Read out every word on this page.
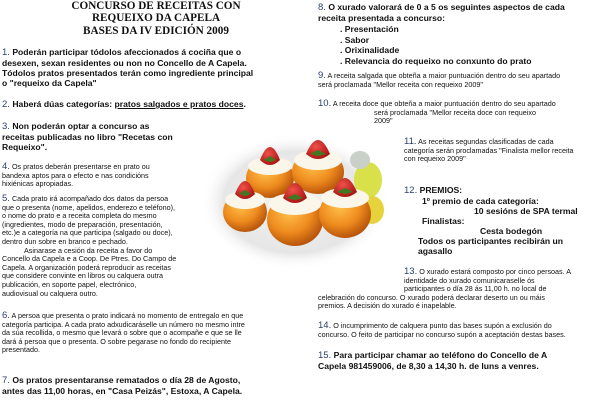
CONCURSO DE RECEITAS CON
REQUEIXO DA CAPELA
BASES DA IV EDICIÓN 2009
1. Poderán participar tódolos afeccionados á cociña que o
desexen, sexan residentes ou non no Concello de A Capela.
Tódolos pratos presentados terán como ingrediente principal
o "requeixo da Capela"
2. Haberá dúas categorías: pratos salgados e pratos doces.
3. Non poderán optar a concurso as
receitas publicadas no libro "Recetas con
Requeixo".
4. Os pratos deberán presentarse en prato ou
bandexa aptos para o efecto e nas condicións
hixiénicas apropiadas.
5. Cada prato irá acompañado dos datos da persoa
que o presenta (nome, apelidos, enderezo e teléfono),
o nome do prato e a receita completa do mesmo
(ingredientes, modo de preparación, presentación,
etc.)e a categoría na que participa (salgado ou doce),
dentro dun sobre en branco e pechado.
Asinarase a cesión da receita a favor do
Concello da Capela e a Coop. De Ptres. Do Campo de
Capela. A organización poderá reproducir as receitas
que considere convinte en libros ou calquera outra
publicación, en soporte papel, electrónico,
audiovisual ou calquera outro.
6. A persoa que presenta o prato indicará no momento de entregalo en que
categoría participa. A cada prato adxudicaráselle un número no mesmo intre
da súa recollida, o mesmo que levará o sobre que o acompañe e que se lle
dará á persoa que o presenta. O sobre pegarase no fondo do recipiente
presentado.
7. Os pratos presentaranse rematados o día 28 de Agosto,
antes das 11,00 horas, en "Casa Peizás", Estoxa, A Capela.
8. O xurado valorará de 0 a 5 os seguintes aspectos de cada
receita presentada a concurso:
. Presentación
. Sabor
. Orixinalidade
. Relevancia do requeixo no conxunto do prato
9. A receita salgada que obteña a maior puntuación dentro do seu apartado
será proclamada "Mellor receita con requeixo 2009"
10. A receita doce que obteña a maior puntuación dentro do seu apartado
será proclamada "Mellor receita doce con requeixo
2009"
11. As receitas segundas clasificadas de cada
categoría serán proclamadas "Finalista mellor receita
con requeixo 2009"
12. PREMIOS:
1º premio de cada categoría:
10 sesións de SPA termal
Finalistas:
Cesta bodegón
Todos os participantes recibirán un
agasallo
13. O xurado estará composto por cinco persoas. A
identidade do xurado comunicaraselle ós
participantes o día 28 ás 11,00 h. no local de
celebración do concurso. O xurado poderá declarar deserto un ou máis
premios. A decisión do xurado é inapelable.
14. O incumprimento de calquera punto das bases supón a exclusión do
concurso. O feito de participar no concurso supón a aceptación destas bases.
15. Para participar chamar ao teléfono do Concello de A
Capela 981459006, de 8,30 a 14,30 h. de luns a venres.
